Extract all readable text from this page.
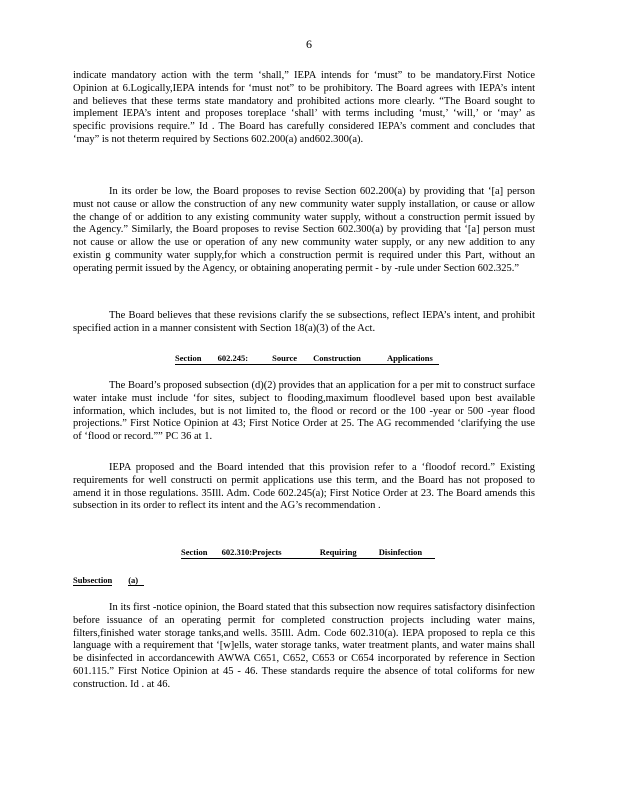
6
indicate mandatory action with the term ‘shall,” IEPA intends for ‘must” to be mandatory.First Notice Opinion at 6.Logically,IEPA intends for ‘must not” to be prohibitory. The Board agrees with IEPA’s intent and believes that these terms state mandatory and prohibited actions more clearly. “The Board sought to implement IEPA’s intent and proposes toreplace ‘shall’ with terms including ‘must,’ ‘will,’ or ‘may’ as specific provisions require.” Id . The Board has carefully considered IEPA’s comment and concludes that ‘may” is not theterm required by Sections 602.200(a) and602.300(a).
In its order be low, the Board proposes to revise Section 602.200(a) by providing that ‘[a] person must not cause or allow the construction of any new community water supply installation, or cause or allow the change of or addition to any existing community water supply, without a construction permit issued by the Agency.” Similarly, the Board proposes to revise Section 602.300(a) by providing that ‘[a] person must not cause or allow the use or operation of any new community water supply, or any new addition to any existin g community water supply,for which a construction permit is required under this Part, without an operating permit issued by the Agency, or obtaining anoperating permit - by -rule under Section 602.325.”
The Board believes that these revisions clarify the se subsections, reflect IEPA’s intent, and prohibit specified action in a manner consistent with Section 18(a)(3) of the Act.
Section 602.245:	Source Construction	Applications
The Board’s proposed subsection (d)(2) provides that an application for a per mit to construct surface water intake must include ‘for sites, subject to flooding,maximum floodlevel based upon best available information, which includes, but is not limited to, the flood or record or the 100 -year or 500 -year flood projections.” First Notice Opinion at 43; First Notice Order at 25. The AG recommended ‘clarifying the use of ‘flood or record.”” PC 36 at 1.
IEPA proposed and the Board intended that this provision refer to a ‘floodof record.” Existing requirements for well constructi on permit applications use this term, and the Board has not proposed to amend it in those regulations. 35Ill. Adm. Code 602.245(a); First Notice Order at 23. The Board amends this subsection in its order to reflect its intent and the AG’s recommendation .
Section 602.310:Projects	Requiring	Disinfection
Subsection (a)
In its first -notice opinion, the Board stated that this subsection now requires satisfactory disinfection before issuance of an operating permit for completed construction projects including water mains, filters,finished water storage tanks,and wells. 35Ill. Adm. Code 602.310(a). IEPA proposed to repla ce this language with a requirement that ‘[w]ells, water storage tanks, water treatment plants, and water mains shall be disinfected in accordancewith AWWA C651, C652, C653 or C654 incorporated by reference in Section 601.115.” First Notice Opinion at 45 - 46. These standards require the absence of total coliforms for new construction. Id . at 46.
